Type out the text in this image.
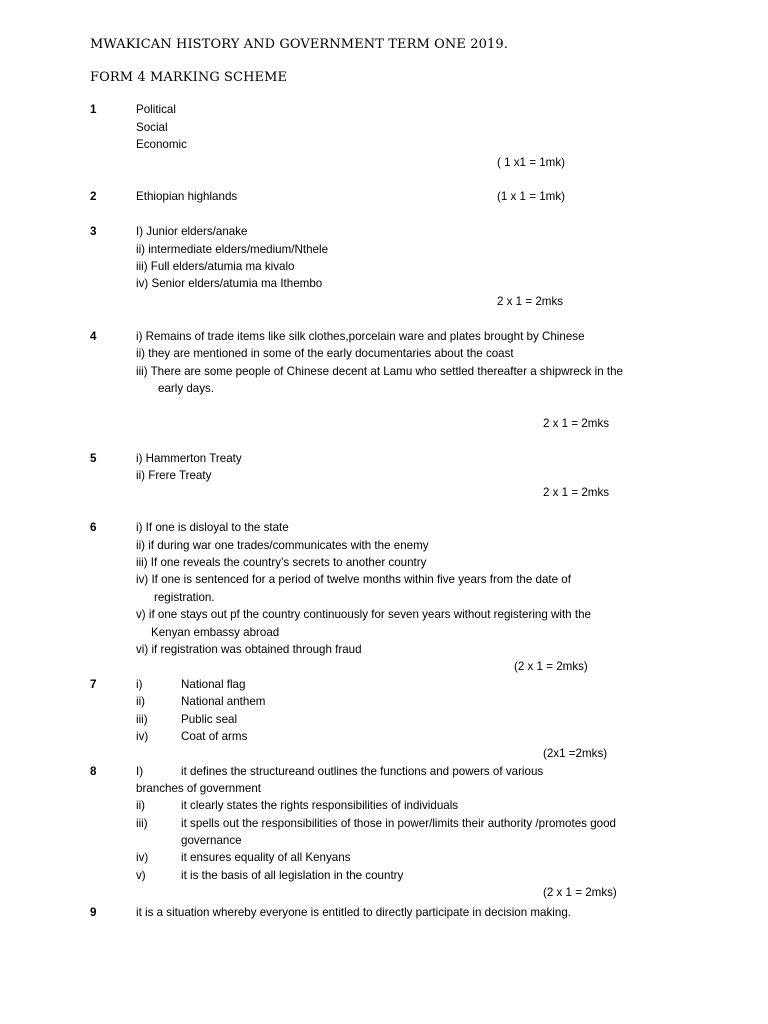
MWAKICAN HISTORY AND GOVERNMENT TERM ONE 2019.
FORM 4 MARKING SCHEME
1	Political
Social
Economic
( 1 x1 = 1mk)
2	Ethiopian highlands	(1 x 1 = 1mk)
3	I) Junior elders/anake
ii) intermediate elders/medium/Nthele
iii) Full elders/atumia ma kivalo
iv) Senior elders/atumia ma Ithembo
2 x 1 = 2mks
4	i) Remains of trade items like silk clothes,porcelain ware and plates brought by Chinese
ii) they are mentioned in some of the early documentaries about the coast
iii) There are some people of Chinese decent at Lamu who settled thereafter a shipwreck in the
early days.
2 x 1 = 2mks
5	i) Hammerton Treaty
ii) Frere Treaty
2 x 1 = 2mks
6	i) If one is disloyal to the state
ii) if during war one trades/communicates with the enemy
iii) If one reveals the country’s secrets to another country
iv) If one is sentenced for a period of twelve months within five years from the date of
registration.
v) if one stays out pf the country continuously for seven years without registering with the
Kenyan embassy abroad
vi) if registration was obtained through fraud
(2 x 1 = 2mks)
7	i)	National flag
ii)	National anthem
iii)	Public seal
iv)	Coat of arms
(2x1 =2mks)
8	I)	it defines the structureand outlines the functions and powers of various
branches of government
ii)	it clearly states the rights responsibilities of individuals
iii)	it spells out the responsibilities of those in power/limits their authority /promotes good
governance
iv)	it ensures equality of all Kenyans
v)	it is the basis of all legislation in the country
(2 x 1 = 2mks)
9	it is a situation whereby everyone is entitled to directly participate in decision making.
